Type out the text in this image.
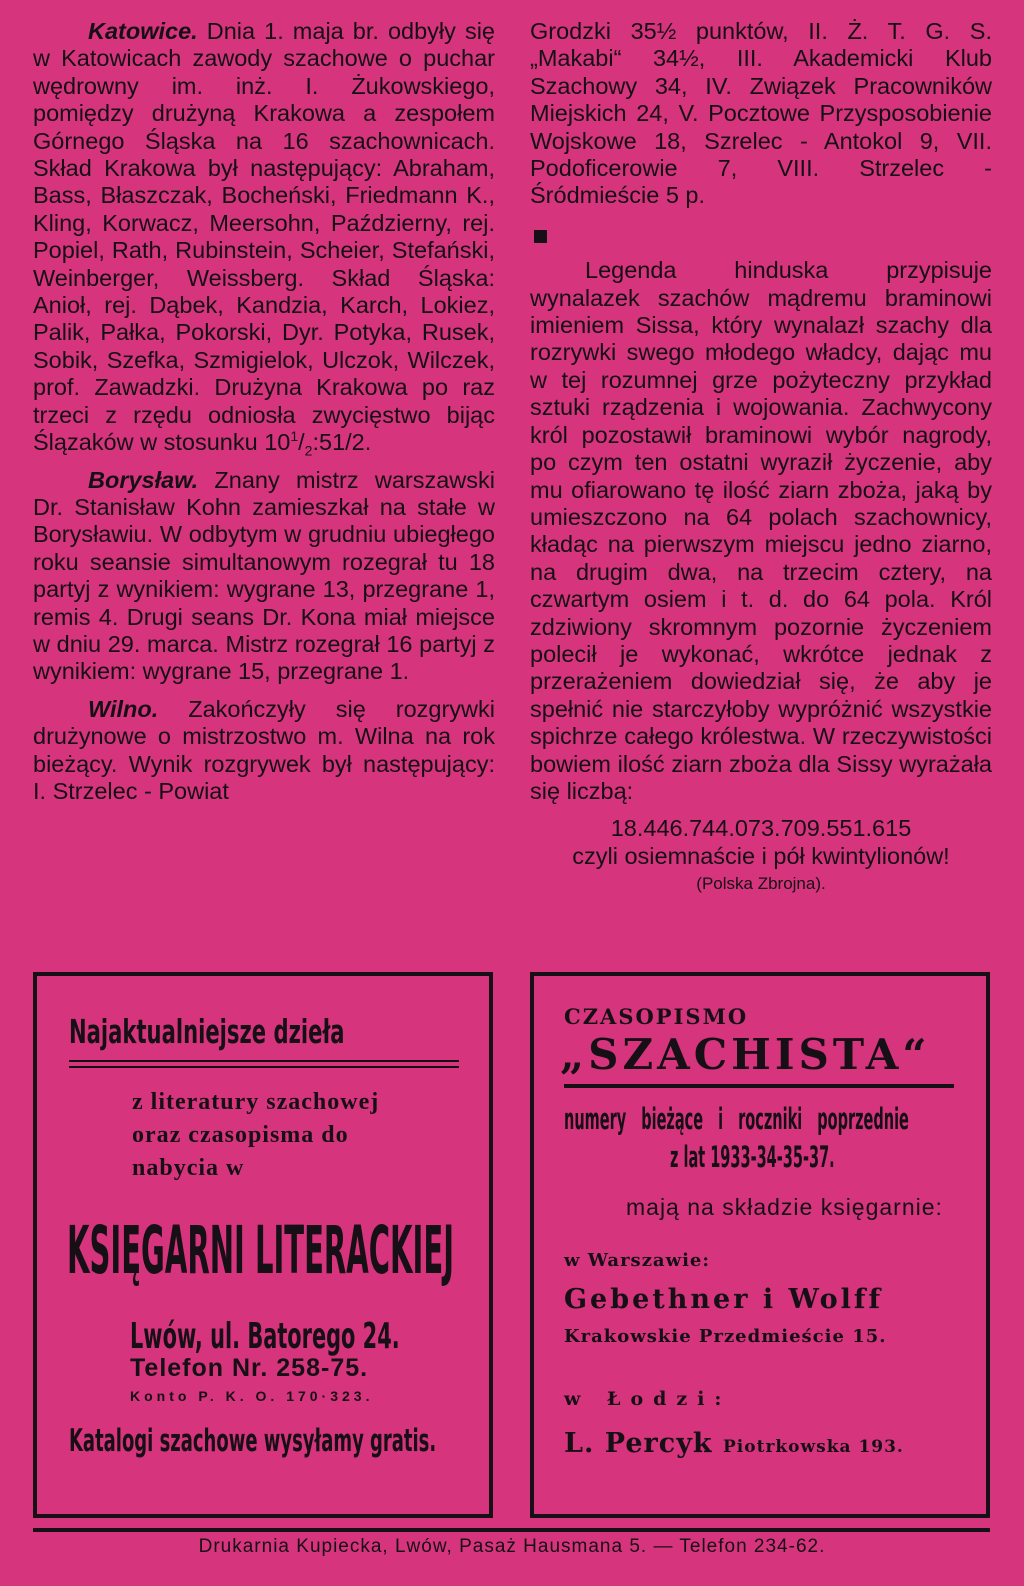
Katowice. Dnia 1. maja br. odbyły się w Katowicach zawody szachowe o puchar wędrowny im. inż. I. Żukowskiego, pomiędzy drużyną Krakowa a zespołem Górnego Śląska na 16 szachownicach. Skład Krakowa był następujący: Abraham, Bass, Błaszczak, Bocheński, Friedmann K., Kling, Korwacz, Meersohn, Październy, rej. Popiel, Rath, Rubinstein, Scheier, Stefański, Weinberger, Weissberg. Skład Śląska: Anioł, rej. Dąbek, Kandzia, Karch, Lokiez, Palik, Pałka, Pokorski, Dyr. Potyka, Rusek, Sobik, Szefka, Szmigielok, Ulczok, Wilczek, prof. Zawadzki. Drużyna Krakowa po raz trzeci z rzędu odniosła zwycięstwo bijąc Ślązaków w stosunku $10^1/_2:51/2$.

Borysław. Znany mistrz warszawski Dr. Stanisław Kohn zamieszkał na stałe w Borysławiu. W odbytym w grudniu ubiegłego roku seansie simultanowym rozegrał tu 18 partyj z wynikiem: wygrane 13, przegrane 1, remis 4. Drugi seans Dr. Kona miał miejsce w dniu 29. marca. Mistrz rozegrał 16 partyj z wynikiem: wygrane 15, przegrane 1.

Wilno. Zakończyły się rozgrywki drużynowe o mistrzostwo m. Wilna na rok bieżący. Wynik rozgrywek był następujący: I. Strzelec - Powiat

Grodzki 35½ punktów, II. Ż. T. G. S. „Makabi“ 34½, III. Akademicki Klub Szachowy 34, IV. Związek Pracowników Miejskich 24, V. Pocztowe Przysposobienie Wojskowe 18, Szrelec - Antokol 9, VII. Podoficerowie 7, VIII. Strzelec - Śródmieście 5 p.

Legenda hinduska przypisuje wynalazek szachów mądremu braminowi imieniem Sissa, który wynalazł szachy dla rozrywki swego młodego władcy, dając mu w tej rozumnej grze pożyteczny przykład sztuki rządzenia i wojowania. Zachwycony król pozostawił braminowi wybór nagrody, po czym ten ostatni wyraził życzenie, aby mu ofiarowano tę ilość ziarn zboża, jaką by umieszczono na 64 polach szachownicy, kładąc na pierwszym miejscu jedno ziarno, na drugim dwa, na trzecim cztery, na czwartym osiem i t. d. do 64 pola. Król zdziwiony skromnym pozornie życzeniem polecił je wykonać, wkrótce jednak z przerażeniem dowiedział się, że aby je spełnić nie starczyłoby wypróżnić wszystkie spichrze całego królestwa. W rzeczywistości bowiem ilość ziarn zboża dla Sissy wyrażała się liczbą:

18.446.744.073.709.551.615

czyli osiemnaście i pół kwintylionów!

(Polska Zbrojna).

Najaktualniejsze dzieła
z literatury szachowej oraz czasopisma do nabycia w
KSIĘGARNI LITERACKIEJ
Lwów, ul. Batorego 24.
Telefon Nr. 258-75.
Konto P. K. O. 170·323.
Katalogi szachowe wysyłamy gratis.
CZASOPISMO
„SZACHISTA“
numery bieżące i roczniki poprzednie
z lat 1933-34-35-37.
mają na składzie księgarnie:
w Warszawie:
Gebethner i Wolff
Krakowskie Przedmieście 15.
w Łodzi:
L. Percyk Piotrkowska 193.
Drukarnia Kupiecka, Lwów, Pasaż Hausmana 5. — Telefon 234-62.
